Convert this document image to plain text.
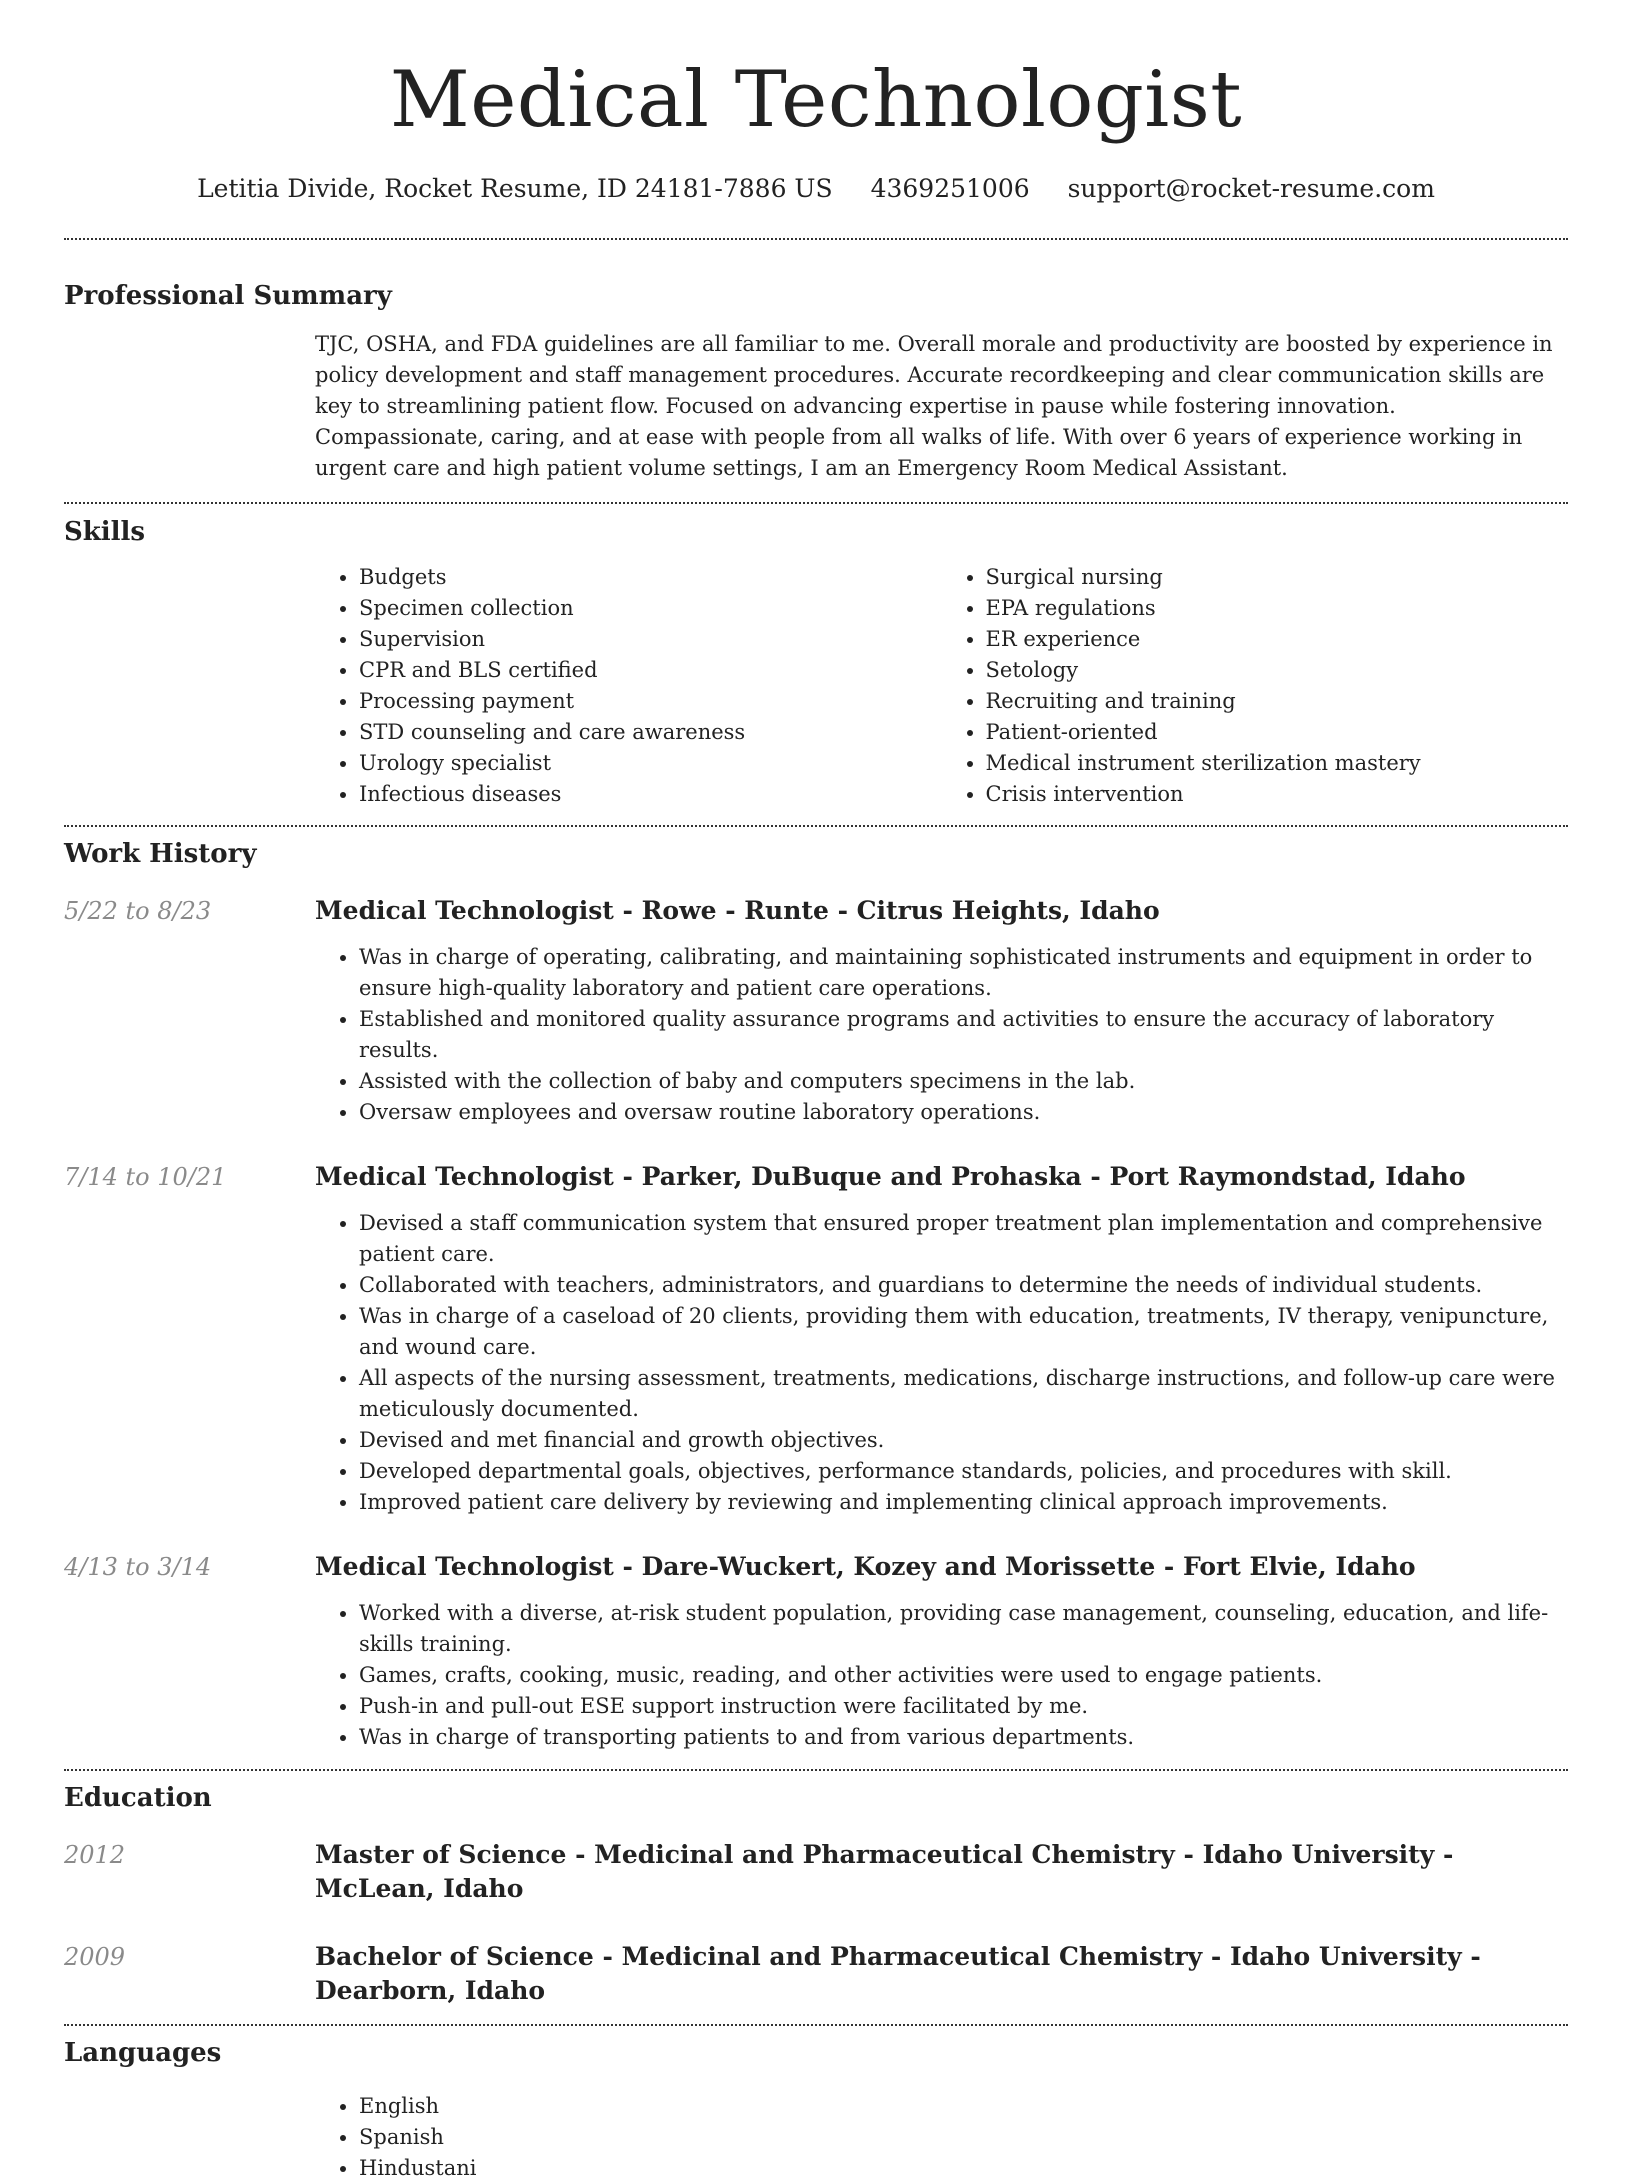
Medical Technologist
Letitia Divide, Rocket Resume, ID 24181-7886 US 4369251006 support@rocket-resume.com
Professional Summary

TJC, OSHA, and FDA guidelines are all familiar to me. Overall morale and productivity are boosted by experience in policy development and staff management procedures. Accurate recordkeeping and clear communication skills are key to streamlining patient flow. Focused on advancing expertise in pause while fostering innovation. Compassionate, caring, and at ease with people from all walks of life. With over 6 years of experience working in urgent care and high patient volume settings, I am an Emergency Room Medical Assistant.

Skills
• Budgets
• Specimen collection
• Supervision
• CPR and BLS certified
• Processing payment
• STD counseling and care awareness
• Urology specialist
• Infectious diseases
• Surgical nursing
• EPA regulations
• ER experience
• Setology
• Recruiting and training
• Patient-oriented
• Medical instrument sterilization mastery
• Crisis intervention
Work History
5/22 to 8/23	Medical Technologist - Rowe - Runte - Citrus Heights, Idaho
• Was in charge of operating, calibrating, and maintaining sophisticated instruments and equipment in order to ensure high-quality laboratory and patient care operations.
• Established and monitored quality assurance programs and activities to ensure the accuracy of laboratory results.
• Assisted with the collection of baby and computers specimens in the lab.
• Oversaw employees and oversaw routine laboratory operations.
7/14 to 10/21	Medical Technologist - Parker, DuBuque and Prohaska - Port Raymondstad, Idaho
• Devised a staff communication system that ensured proper treatment plan implementation and comprehensive patient care.
• Collaborated with teachers, administrators, and guardians to determine the needs of individual students.
• Was in charge of a caseload of 20 clients, providing them with education, treatments, IV therapy, venipuncture, and wound care.
• All aspects of the nursing assessment, treatments, medications, discharge instructions, and follow-up care were meticulously documented.
• Devised and met financial and growth objectives.
• Developed departmental goals, objectives, performance standards, policies, and procedures with skill.
• Improved patient care delivery by reviewing and implementing clinical approach improvements.
4/13 to 3/14	Medical Technologist - Dare-Wuckert, Kozey and Morissette - Fort Elvie, Idaho
• Worked with a diverse, at-risk student population, providing case management, counseling, education, and life-skills training.
• Games, crafts, cooking, music, reading, and other activities were used to engage patients.
• Push-in and pull-out ESE support instruction were facilitated by me.
• Was in charge of transporting patients to and from various departments.
Education
2012	Master of Science - Medicinal and Pharmaceutical Chemistry - Idaho University - McLean, Idaho
2009	Bachelor of Science - Medicinal and Pharmaceutical Chemistry - Idaho University - Dearborn, Idaho
Languages
• English
• Spanish
• Hindustani
